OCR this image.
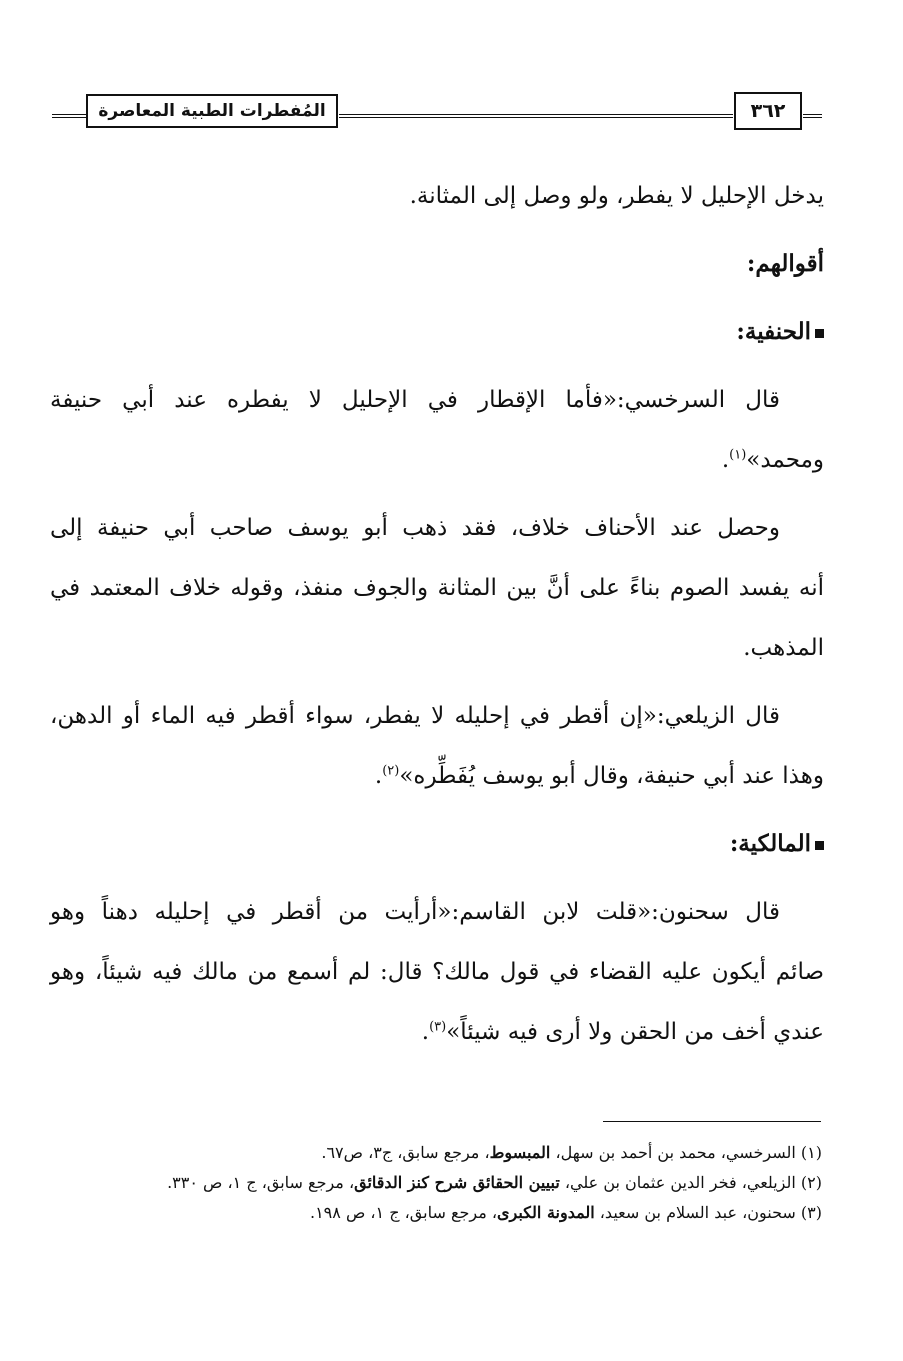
المُفطرات الطبية المعاصرة	٣٦٢
يدخل الإحليل لا يفطر، ولو وصل إلى المثانة.
أقوالهم:
الحنفية:
قال السرخسي:«فأما الإقطار في الإحليل لا يفطره عند أبي حنيفة
ومحمد»$^{(١)}$.
وحصل عند الأحناف خلاف، فقد ذهب أبو يوسف صاحب أبي حنيفة إلى
أنه يفسد الصوم بناءً على أنَّ بين المثانة والجوف منفذ، وقوله خلاف المعتمد في
المذهب.
قال الزيلعي:«إن أقطر في إحليله لا يفطر، سواء أقطر فيه الماء أو الدهن،
وهذا عند أبي حنيفة، وقال أبو يوسف يُفَطِّره»$^{(٢)}$.
المالكية:
قال سحنون:«قلت لابن القاسم:«أرأيت من أقطر في إحليله دهناً وهو
صائم أيكون عليه القضاء في قول مالك؟ قال: لم أسمع من مالك فيه شيئاً، وهو
عندي أخف من الحقن ولا أرى فيه شيئاً»$^{(٣)}$.
(١) السرخسي، محمد بن أحمد بن سهل، المبسوط، مرجع سابق، ج٣، ص٦٧.
(٢) الزيلعي، فخر الدين عثمان بن علي، تبيين الحقائق شرح كنز الدقائق، مرجع سابق، ج ١، ص ٣٣٠.
(٣) سحنون، عبد السلام بن سعيد، المدونة الكبرى، مرجع سابق، ج ١، ص ١٩٨.
